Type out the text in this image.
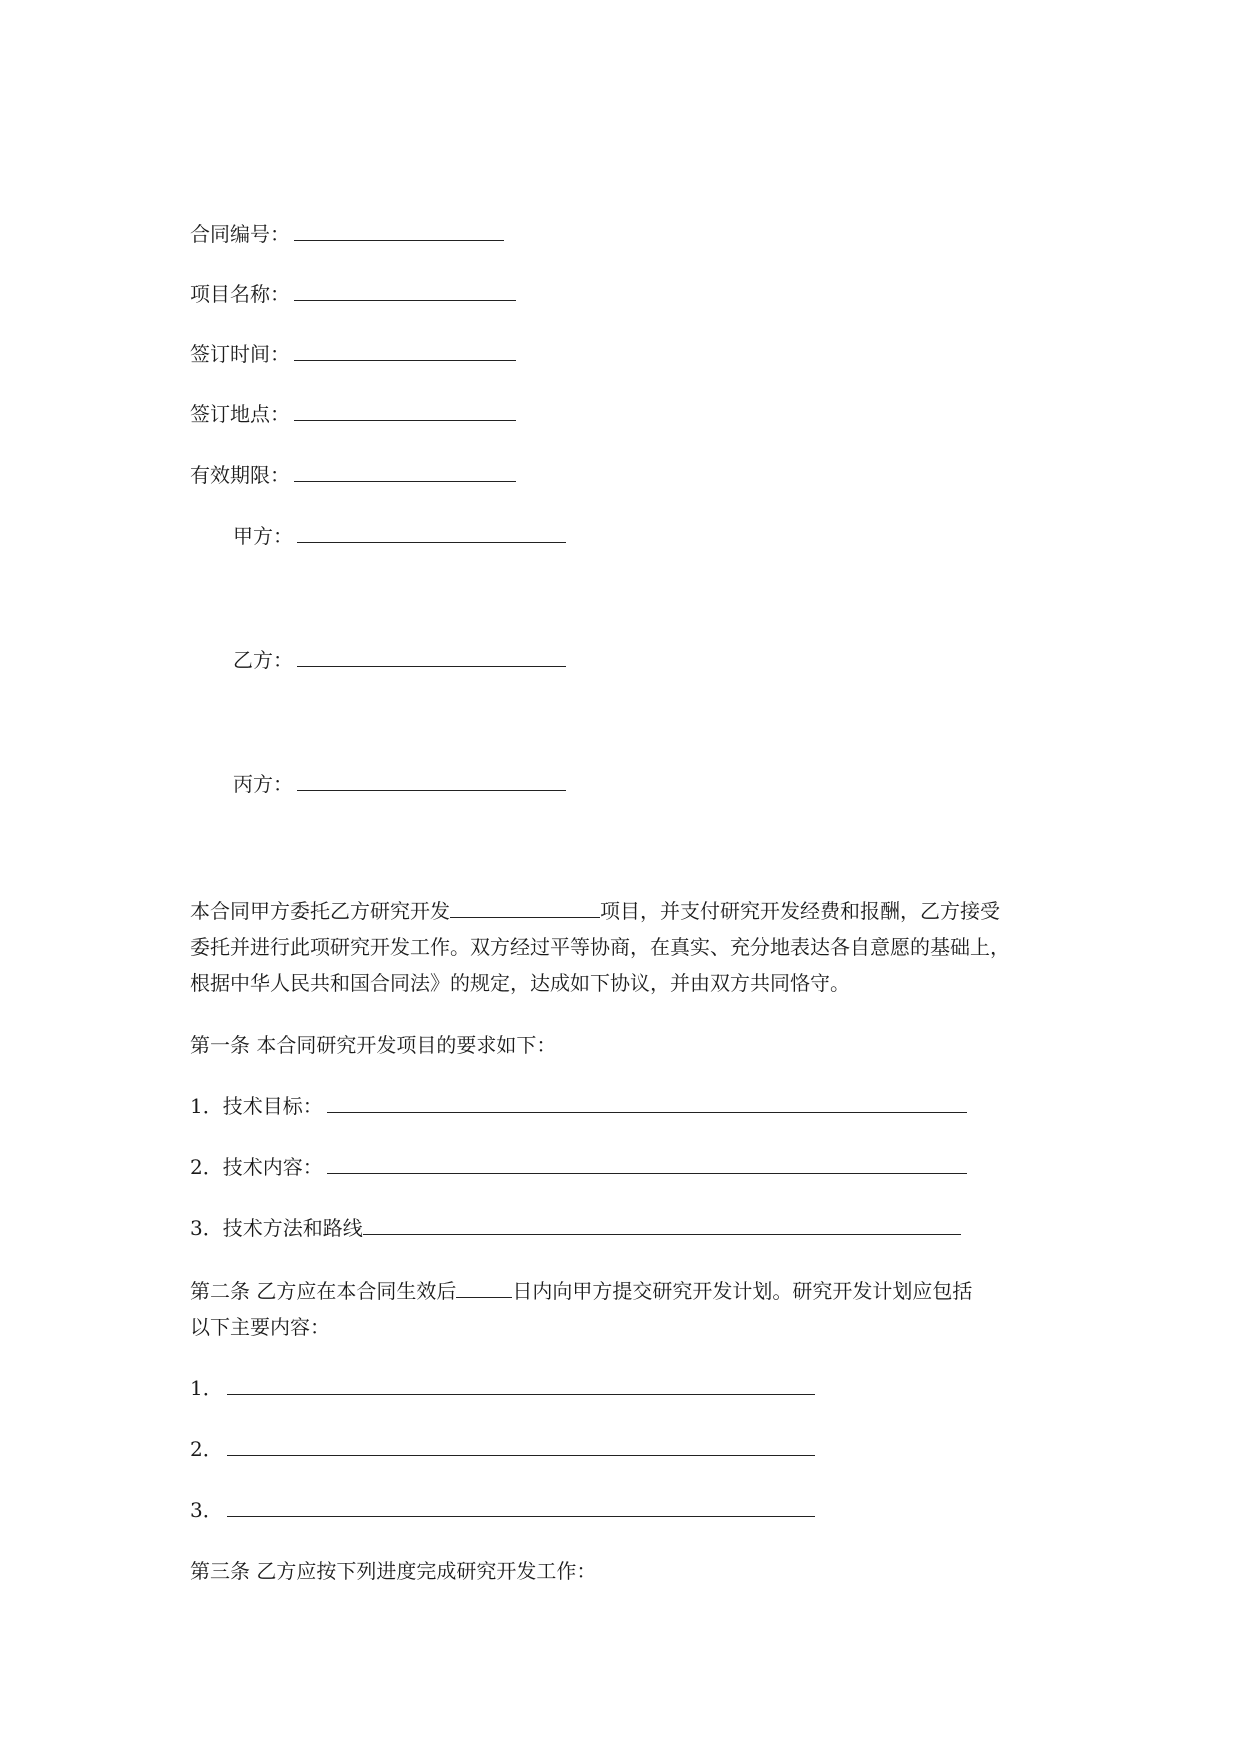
合同编号：
项目名称：
签订时间：
签订地点：
有效期限：
甲方：
乙方：
丙方：

本合同甲方委托乙方研究开发	项目，并支付研究开发经费和报酬，乙方接受

委托并进行此项研究开发工作。双方经过平等协商，在真实、充分地表达各自意愿的基础上，

根据中华人民共和国合同法》的规定，达成如下协议，并由双方共同恪守。

第一条 本合同研究开发项目的要求如下：
1．技术目标：
2．技术内容：
3．技术方法和路线

第二条 乙方应在本合同生效后	日内向甲方提交研究开发计划。研究开发计划应包括

以下主要内容：

1．
2．
3．
第三条 乙方应按下列进度完成研究开发工作：
